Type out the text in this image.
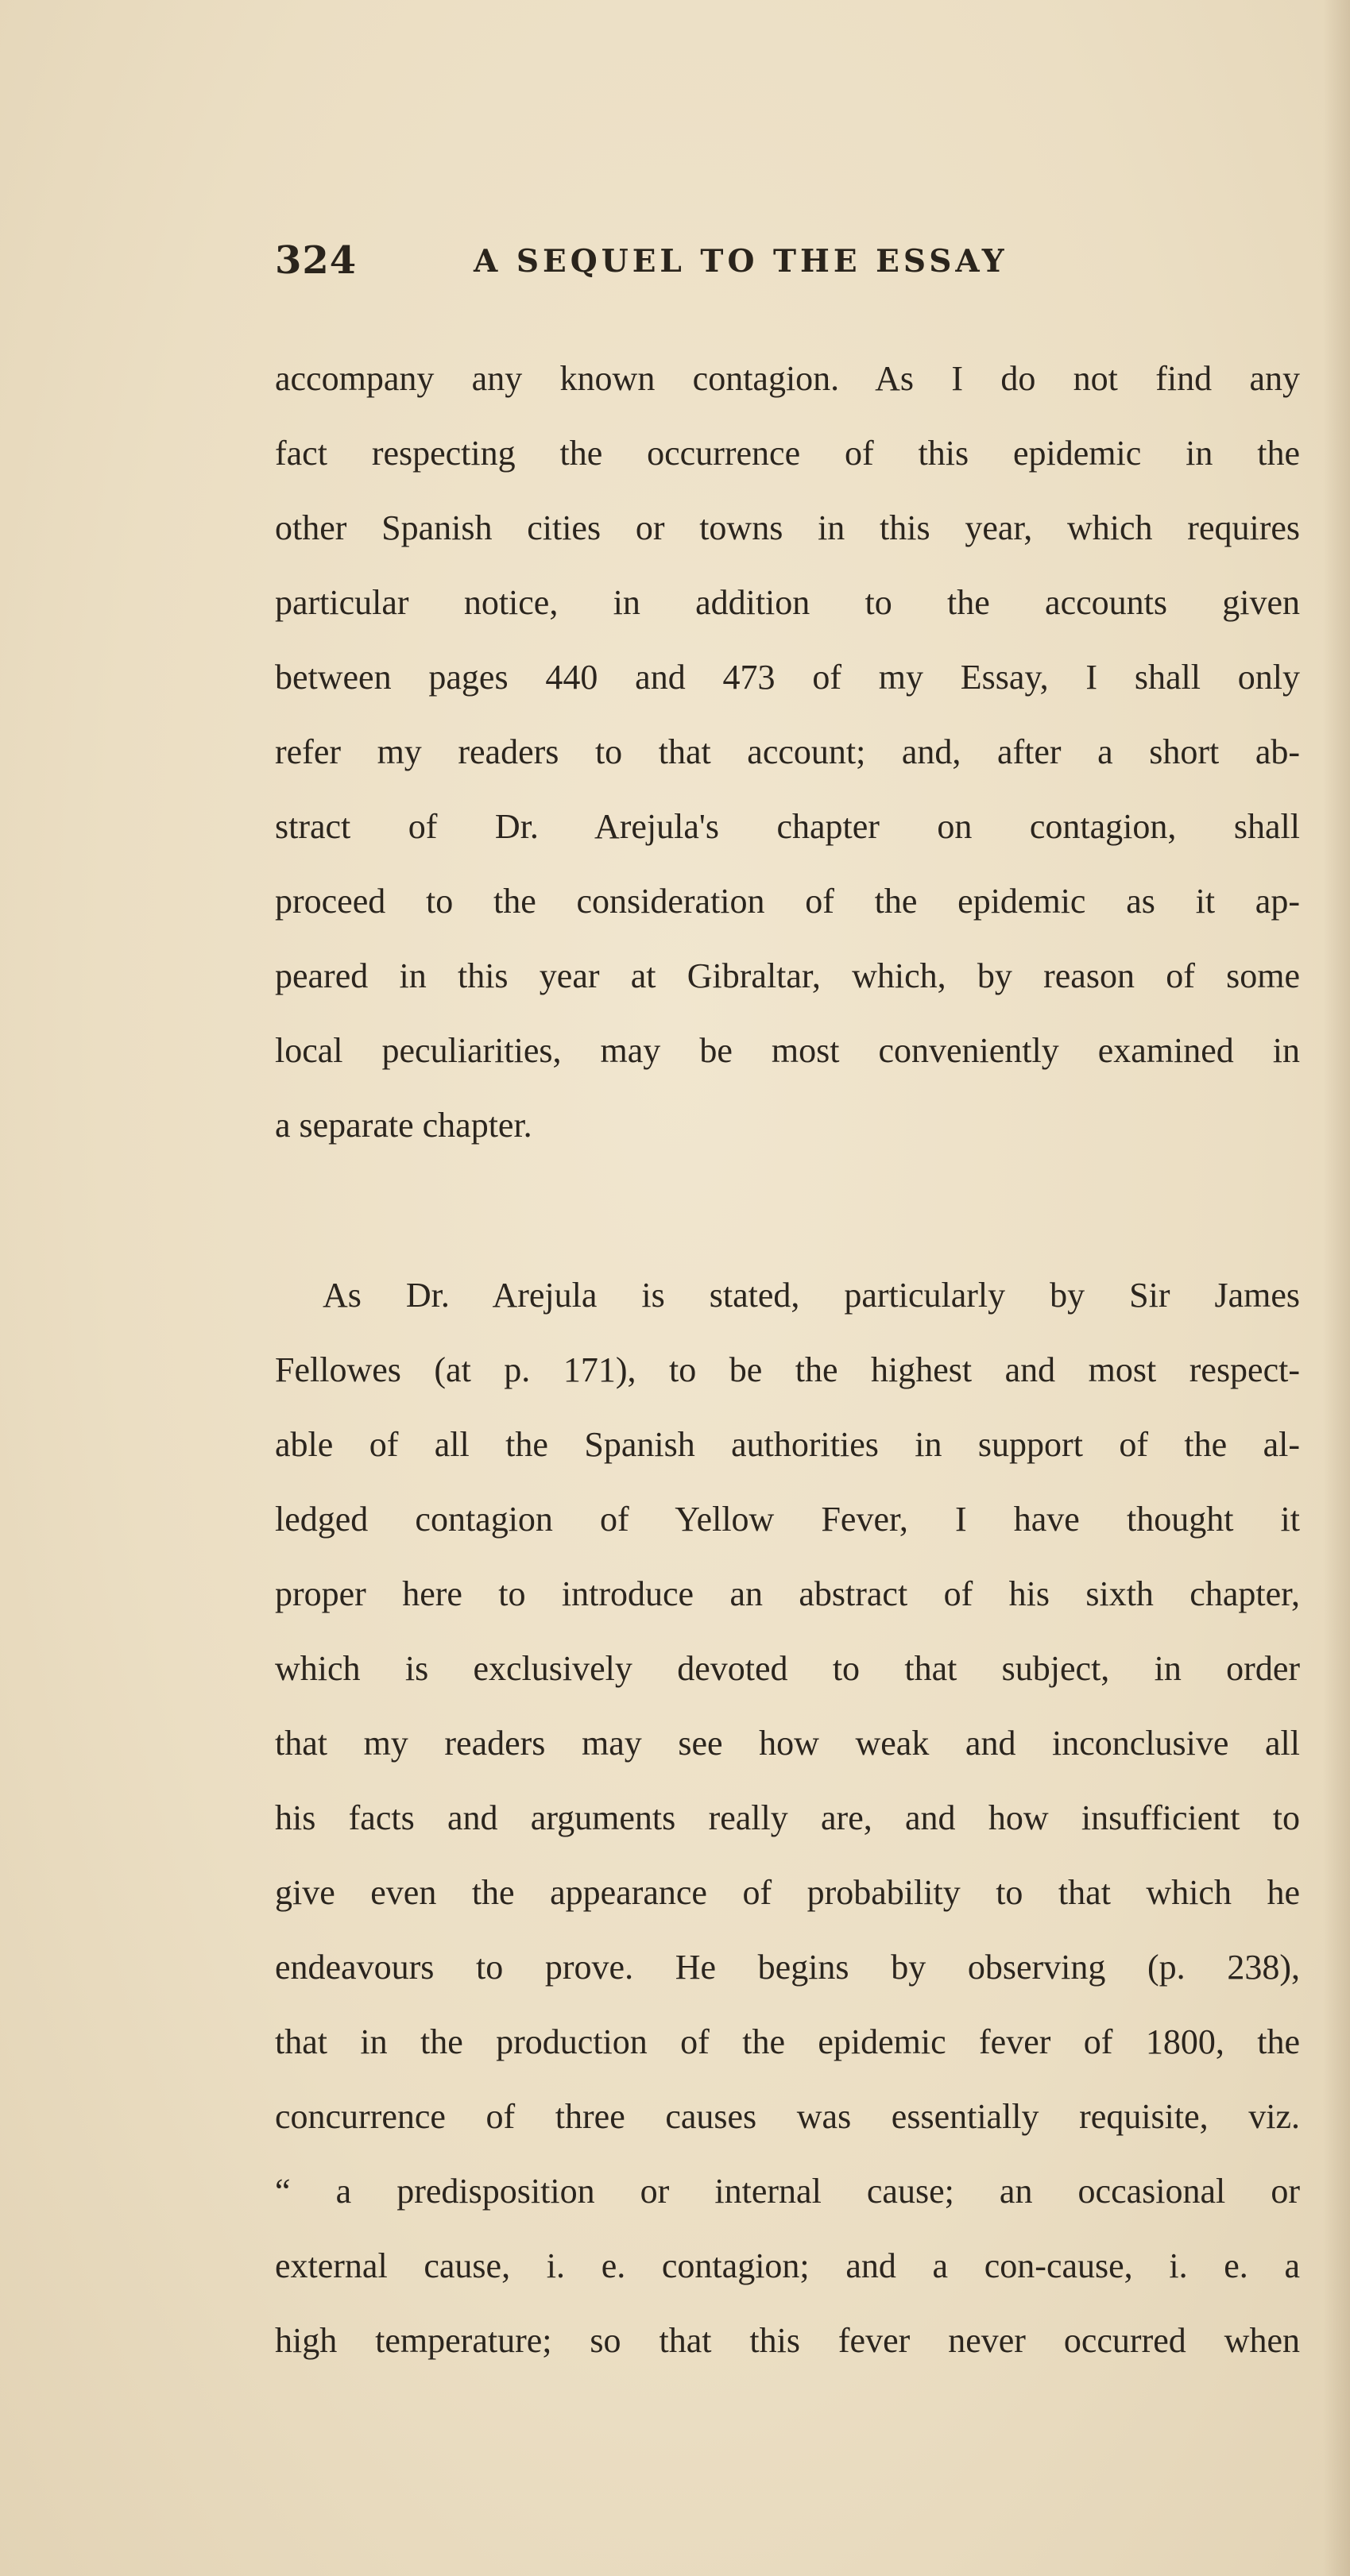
324	A SEQUEL TO THE ESSAY
accompany any known contagion. As I do not find any
fact respecting the occurrence of this epidemic in the
other Spanish cities or towns in this year, which requires
particular notice, in addition to the accounts given
between pages 440 and 473 of my Essay, I shall only
refer my readers to that account; and, after a short ab-
stract of Dr. Arejula's chapter on contagion, shall
proceed to the consideration of the epidemic as it ap-
peared in this year at Gibraltar, which, by reason of some
local peculiarities, may be most conveniently examined in
a separate chapter.
As Dr. Arejula is stated, particularly by Sir James
Fellowes (at p. 171), to be the highest and most respect-
able of all the Spanish authorities in support of the al-
ledged contagion of Yellow Fever, I have thought it
proper here to introduce an abstract of his sixth chapter,
which is exclusively devoted to that subject, in order
that my readers may see how weak and inconclusive all
his facts and arguments really are, and how insufficient to
give even the appearance of probability to that which he
endeavours to prove. He begins by observing (p. 238),
that in the production of the epidemic fever of 1800, the
concurrence of three causes was essentially requisite, viz.
“ a predisposition or internal cause; an occasional or
external cause, i. e. contagion; and a con-cause, i. e. a
high temperature; so that this fever never occurred when
